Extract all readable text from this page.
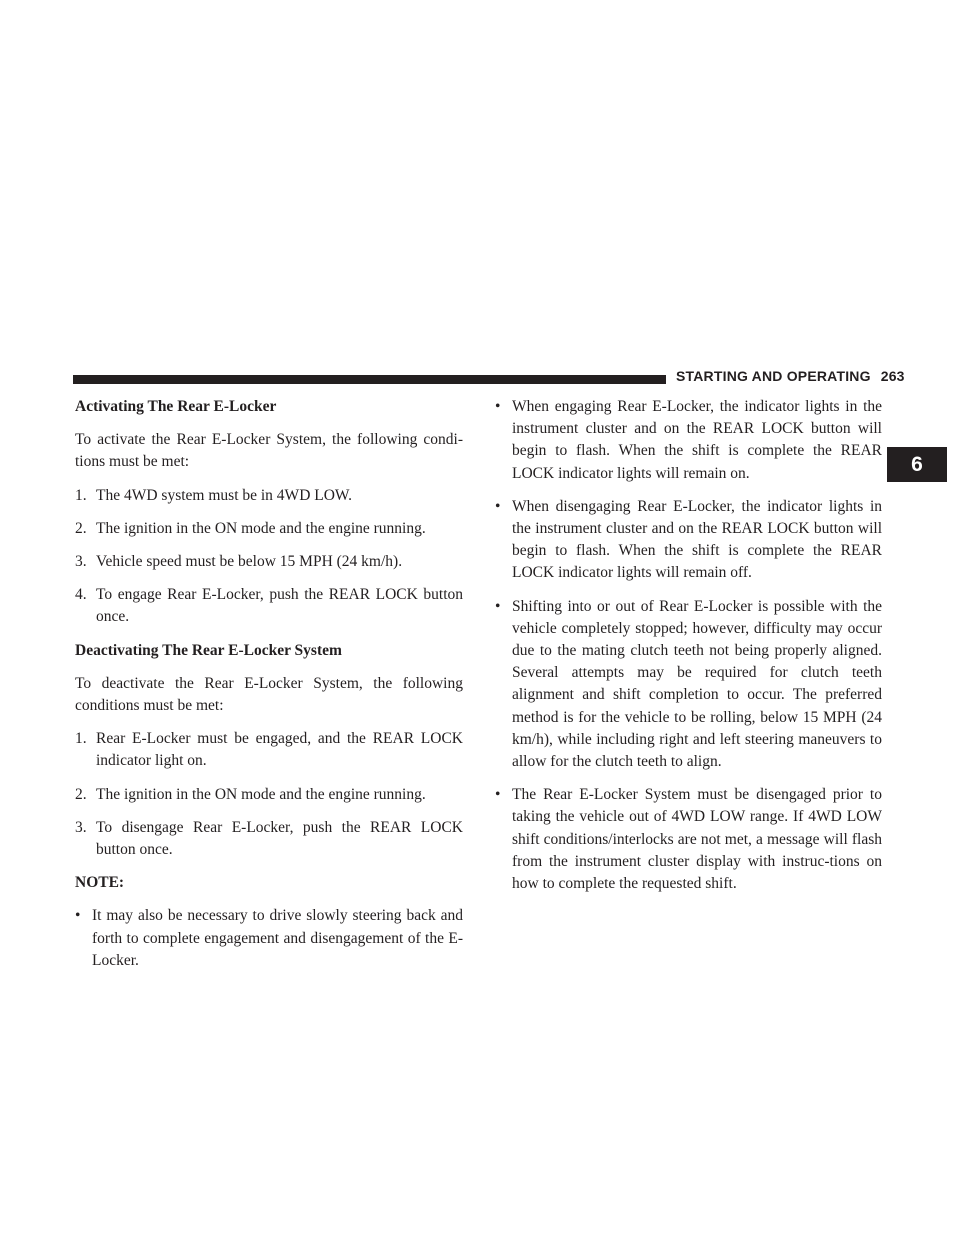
STARTING AND OPERATING 263
6

Activating The Rear E-Locker

To activate the Rear E-Locker System, the following condi-tions must be met:

1. The 4WD system must be in 4WD LOW.
2. The ignition in the ON mode and the engine running.
3. Vehicle speed must be below 15 MPH (24 km/h).
4. To engage Rear E-Locker, push the REAR LOCK button once.

Deactivating The Rear E-Locker System

To deactivate the Rear E-Locker System, the following conditions must be met:

1. Rear E-Locker must be engaged, and the REAR LOCK indicator light on.
2. The ignition in the ON mode and the engine running.
3. To disengage Rear E-Locker, push the REAR LOCK button once.

NOTE:

• It may also be necessary to drive slowly steering back and forth to complete engagement and disengagement of the E-Locker.
• When engaging Rear E-Locker, the indicator lights in the instrument cluster and on the REAR LOCK button will begin to flash. When the shift is complete the REAR LOCK indicator lights will remain on.
• When disengaging Rear E-Locker, the indicator lights in the instrument cluster and on the REAR LOCK button will begin to flash. When the shift is complete the REAR LOCK indicator lights will remain off.
• Shifting into or out of Rear E-Locker is possible with the vehicle completely stopped; however, difficulty may occur due to the mating clutch teeth not being properly aligned. Several attempts may be required for clutch teeth alignment and shift completion to occur. The preferred method is for the vehicle to be rolling, below 15 MPH (24 km/h), while including right and left steering maneuvers to allow for the clutch teeth to align.
• The Rear E-Locker System must be disengaged prior to taking the vehicle out of 4WD LOW range. If 4WD LOW shift conditions/interlocks are not met, a message will flash from the instrument cluster display with instruc-tions on how to complete the requested shift.
